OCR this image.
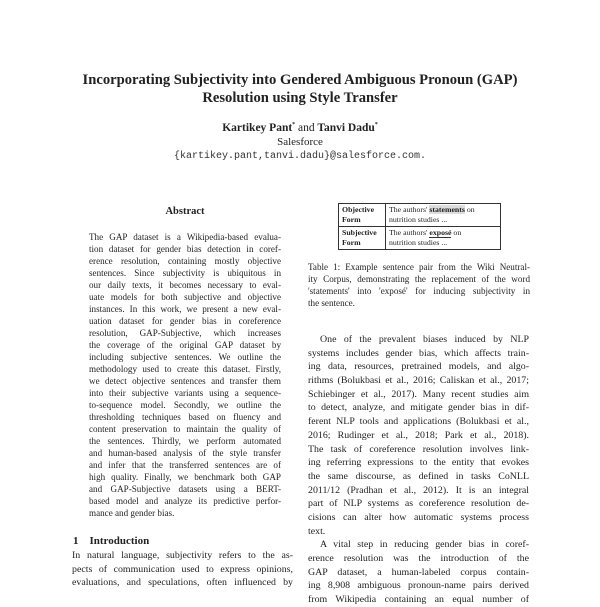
Incorporating Subjectivity into Gendered Ambiguous Pronoun (GAP)
Resolution using Style Transfer
Kartikey Pant* and Tanvi Dadu*
Salesforce
{kartikey.pant,tanvi.dadu}@salesforce.com.
Abstract
The GAP dataset is a Wikipedia-based evalua-
tion dataset for gender bias detection in coref-
erence resolution, containing mostly objective
sentences. Since subjectivity is ubiquitous in
our daily texts, it becomes necessary to eval-
uate models for both subjective and objective
instances. In this work, we present a new eval-
uation dataset for gender bias in coreference
resolution, GAP-Subjective, which increases
the coverage of the original GAP dataset by
including subjective sentences. We outline the
methodology used to create this dataset. Firstly,
we detect objective sentences and transfer them
into their subjective variants using a sequence-
to-sequence model. Secondly, we outline the
thresholding techniques based on fluency and
content preservation to maintain the quality of
the sentences. Thirdly, we perform automated
and human-based analysis of the style transfer
and infer that the transferred sentences are of
high quality. Finally, we benchmark both GAP
and GAP-Subjective datasets using a BERT-
based model and analyze its predictive perfor-
mance and gender bias.
1 Introduction
In natural language, subjectivity refers to the as-
pects of communication used to express opinions,
evaluations, and speculations, often influenced by
Objective
Form	The authors' statements on
nutrition studies ...
Subjective
Form	The authors' exposé on
nutrition studies ...
Table 1: Example sentence pair from the Wiki Neutral-
ity Corpus, demonstrating the replacement of the word
'statements' into 'exposé' for inducing subjectivity in
the sentence.
One of the prevalent biases induced by NLP
systems includes gender bias, which affects train-
ing data, resources, pretrained models, and algo-
rithms (Bolukbasi et al., 2016; Caliskan et al., 2017;
Schiebinger et al., 2017). Many recent studies aim
to detect, analyze, and mitigate gender bias in dif-
ferent NLP tools and applications (Bolukbasi et al.,
2016; Rudinger et al., 2018; Park et al., 2018).
The task of coreference resolution involves link-
ing referring expressions to the entity that evokes
the same discourse, as defined in tasks CoNLL
2011/12 (Pradhan et al., 2012). It is an integral
part of NLP systems as coreference resolution de-
cisions can alter how automatic systems process
text.
A vital step in reducing gender bias in coref-
erence resolution was the introduction of the
GAP dataset, a human-labeled corpus contain-
ing 8,908 ambiguous pronoun-name pairs derived
from Wikipedia containing an equal number of
